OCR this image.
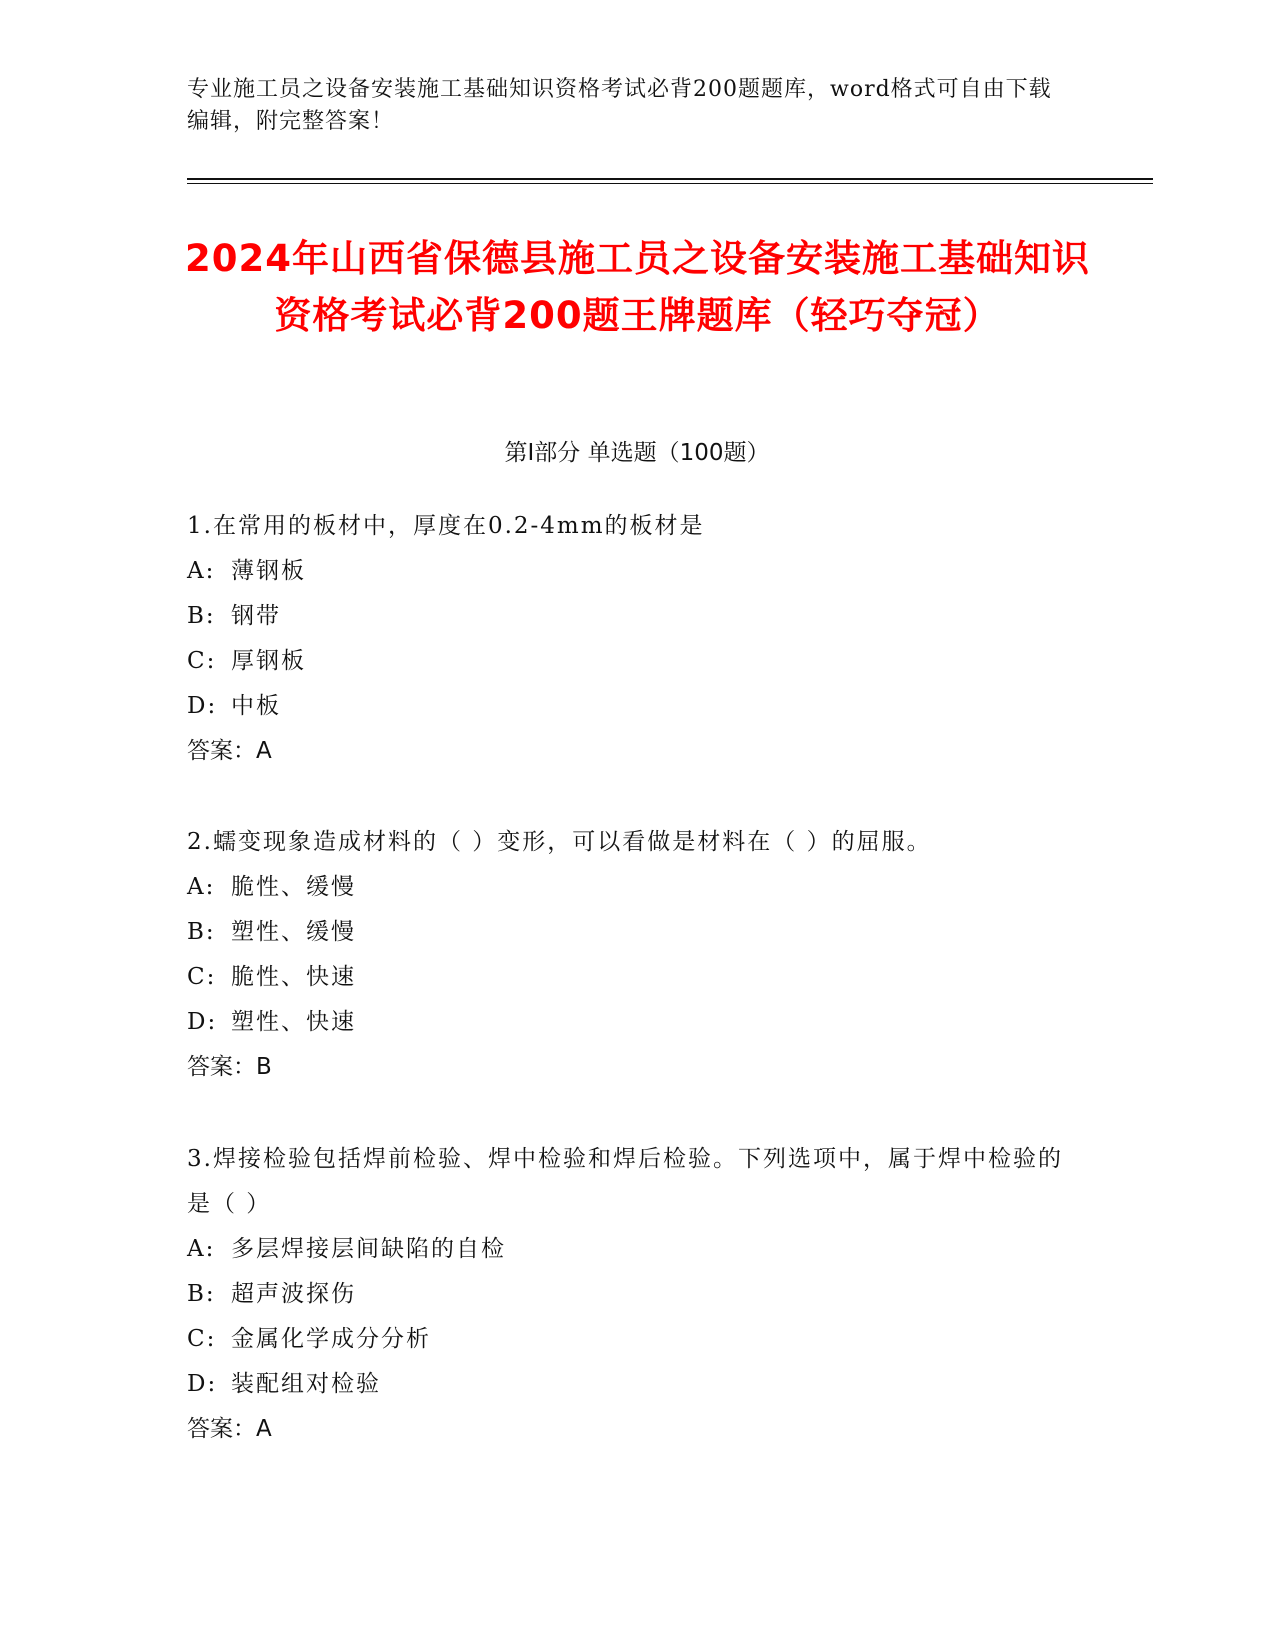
专业施工员之设备安装施工基础知识资格考试必背200题题库，word格式可自由下载编辑，附完整答案！
2024年山西省保德县施工员之设备安装施工基础知识资格考试必背200题王牌题库（轻巧夺冠）
第Ⅰ部分 单选题（100题）

1.在常用的板材中，厚度在0.2-4mm的板材是

A: 薄钢板

B: 钢带

C: 厚钢板

D: 中板

答案：A

2.蠕变现象造成材料的（ ）变形，可以看做是材料在（ ）的屈服。

A: 脆性、缓慢

B: 塑性、缓慢

C: 脆性、快速

D: 塑性、快速

答案：B

3.焊接检验包括焊前检验、焊中检验和焊后检验。下列选项中，属于焊中检验的是（ ）

A: 多层焊接层间缺陷的自检

B: 超声波探伤

C: 金属化学成分分析

D: 装配组对检验

答案：A
